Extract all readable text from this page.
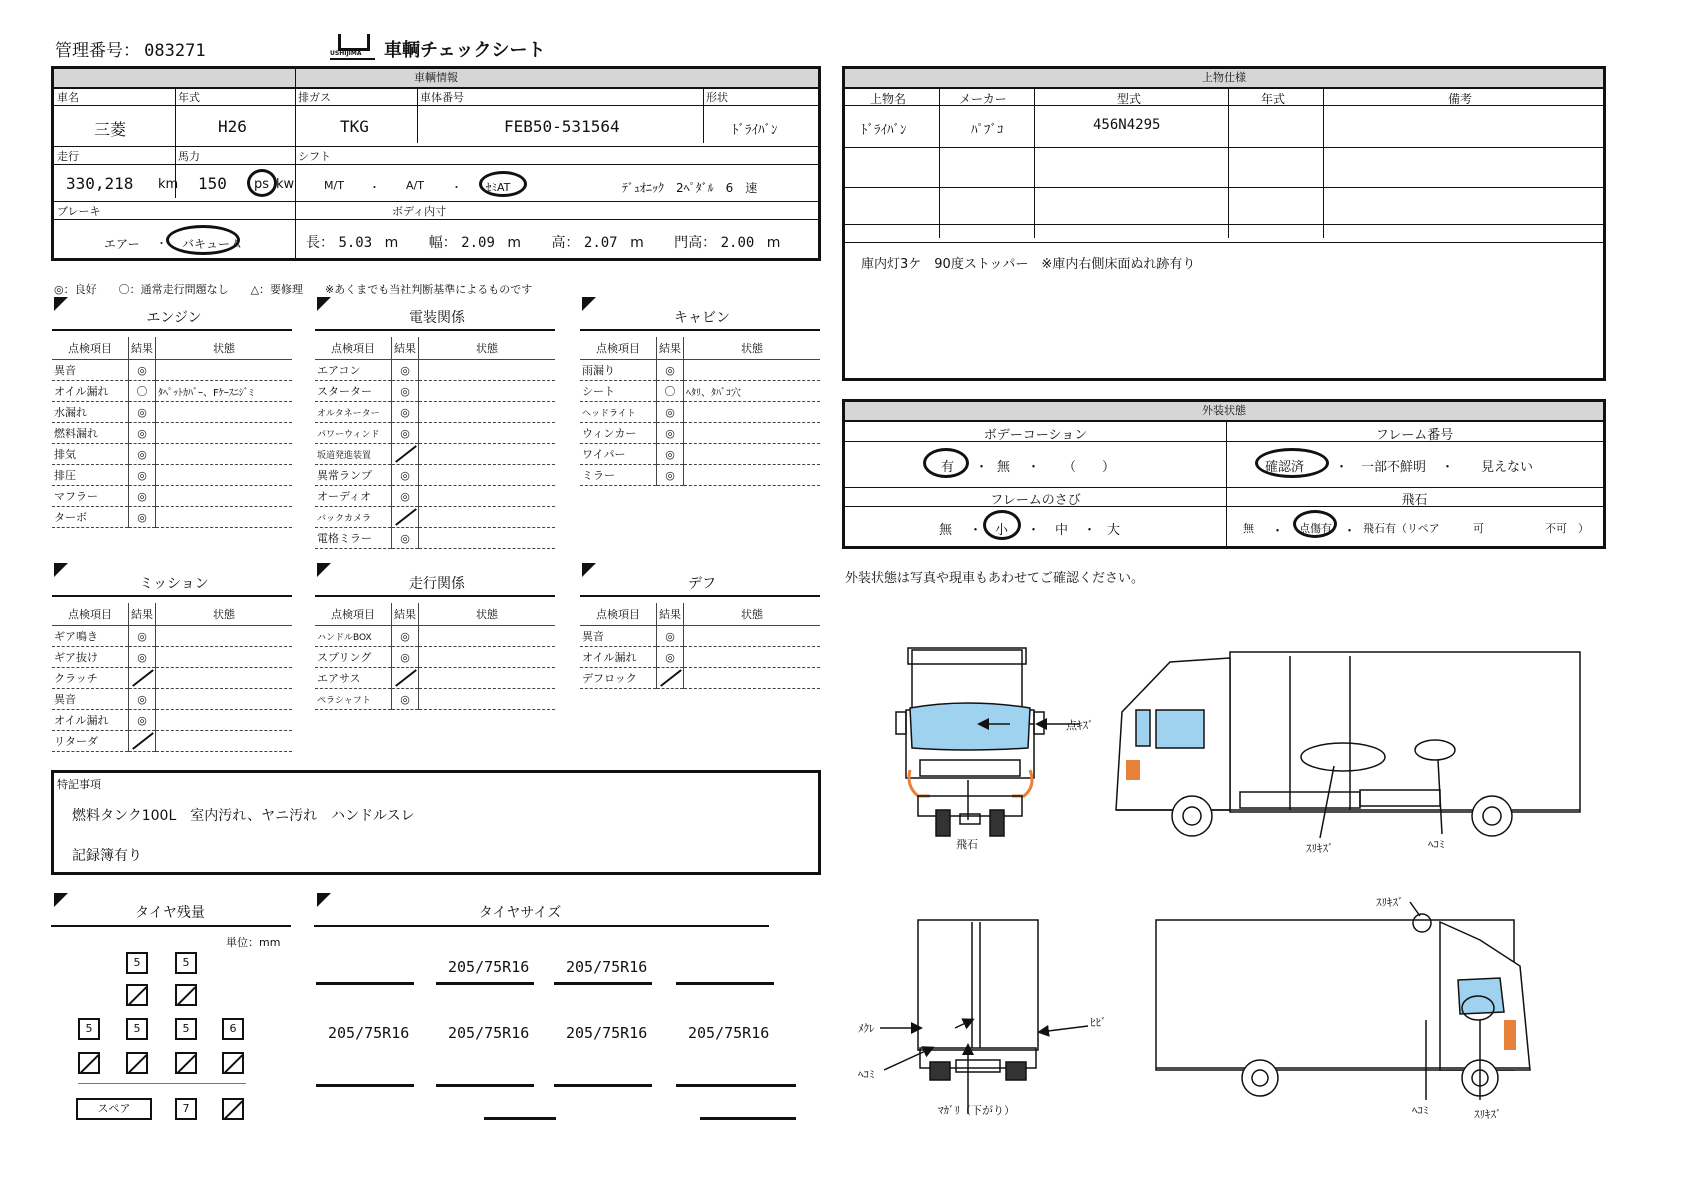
管理番号： 083271	USHIJIMA 車輌チェックシート
車輌情報
車名	年式	排ガス	車体番号	形状
三菱	H26	TKG	FEB50-531564	ﾄﾞﾗｲﾊﾞﾝ
走行	馬力	シフト
330,218 km 150 ps kw	M/T ・ A/T ・ ｾﾐAT	ﾃﾞｭｵﾆｯｸ　2ﾍﾟﾀﾞﾙ　6　速
ブレーキ	ボディ内寸
エアー ・ バキューム	長： 5.03 m 幅： 2.09 m 高： 2.07 m 門高： 2.00 m
◎：良好　　〇：通常走行問題なし　　△：要修理　　※あくまでも当社判断基準によるものです
エンジン
点検項目	結果	状態
異音	◎	
オイル漏れ	〇	ﾀﾍﾟｯﾄｶﾊﾞｰ、Fｹｰｽﾆｼﾞﾐ
水漏れ	◎	
燃料漏れ	◎	
排気	◎	
排圧	◎	
マフラー	◎	
ターボ	◎	
電装関係
点検項目	結果	状態
エアコン	◎	
スターター	◎	
オルタネーター	◎	
パワーウィンド	◎	
坂道発進装置		
異常ランプ	◎	
オーディオ	◎	
バックカメラ		
電格ミラー	◎	
キャビン
点検項目	結果	状態
雨漏り	◎	
シート	〇	ﾍﾀﾘ、ﾀﾊﾞｺ穴
ヘッドライト	◎	
ウィンカー	◎	
ワイパー	◎	
ミラー	◎	
ミッション
点検項目	結果	状態
ギア鳴き	◎	
ギア抜け	◎	
クラッチ		
異音	◎	
オイル漏れ	◎	
リターダ		
走行関係
点検項目	結果	状態
ハンドルBOX	◎	
スプリング	◎	
エアサス		
ペラシャフト	◎	
デフ
点検項目	結果	状態
異音	◎	
オイル漏れ	◎	
デフロック		
特記事項
燃料タンク100L　室内汚れ、ヤニ汚れ　ハンドルスレ
記録簿有り
タイヤ残量
単位：mm
5	5
5	5	5	6
スペア	7
タイヤサイズ
205/75R16 205/75R16
205/75R16	205/75R16 205/75R16	205/75R16
上物仕様
上物名	メーカー	型式	年式	備考
ﾄﾞﾗｲﾊﾞﾝ	ﾊﾟﾌﾞｺ	456N4295
庫内灯3ケ　90度ストッパー　※庫内右側床面ぬれ跡有り
外装状態
ボデーコーション	フレーム番号
有 ・ 無 ・ （　　）	確認済 ・ 一部不鮮明 ・ 見えない
フレームのさび	飛石
無 ・ 小 ・ 中 ・ 大	無 ・ 点傷有 ・ 飛石有（リペア	可	不可　）
外装状態は写真や現車もあわせてご確認ください。
点ｷｽﾞ
飛石	ｽﾘｷｽﾞ	ﾍｺﾐ
ﾒｸﾚ
ﾍｺﾐ
ﾋﾋﾞ
ﾏｶﾞﾘ（下がり）
ｽﾘｷｽﾞ
ﾍｺﾐ	ｽﾘｷｽﾞ
